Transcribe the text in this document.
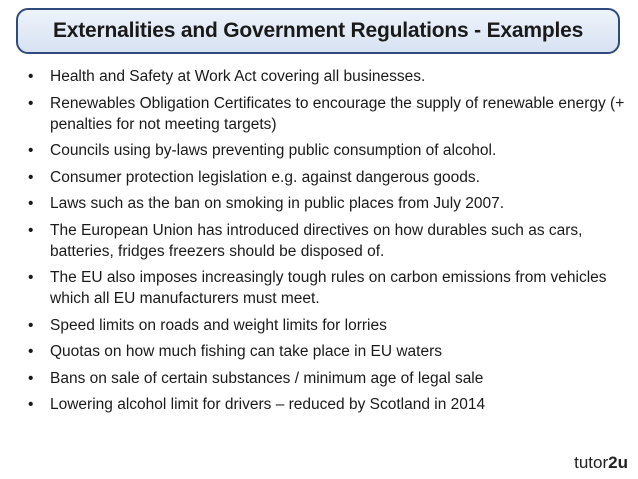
Externalities and Government Regulations - Examples
• Health and Safety at Work Act covering all businesses.
• Renewables Obligation Certificates to encourage the supply of renewable energy (+ penalties for not meeting targets)
• Councils using by-laws preventing public consumption of alcohol.
• Consumer protection legislation e.g. against dangerous goods.
• Laws such as the ban on smoking in public places from July 2007.
• The European Union has introduced directives on how durables such as cars, batteries, fridges freezers should be disposed of.
• The EU also imposes increasingly tough rules on carbon emissions from vehicles which all EU manufacturers must meet.
• Speed limits on roads and weight limits for lorries
• Quotas on how much fishing can take place in EU waters
• Bans on sale of certain substances / minimum age of legal sale
• Lowering alcohol limit for drivers – reduced by Scotland in 2014
tutor2u
